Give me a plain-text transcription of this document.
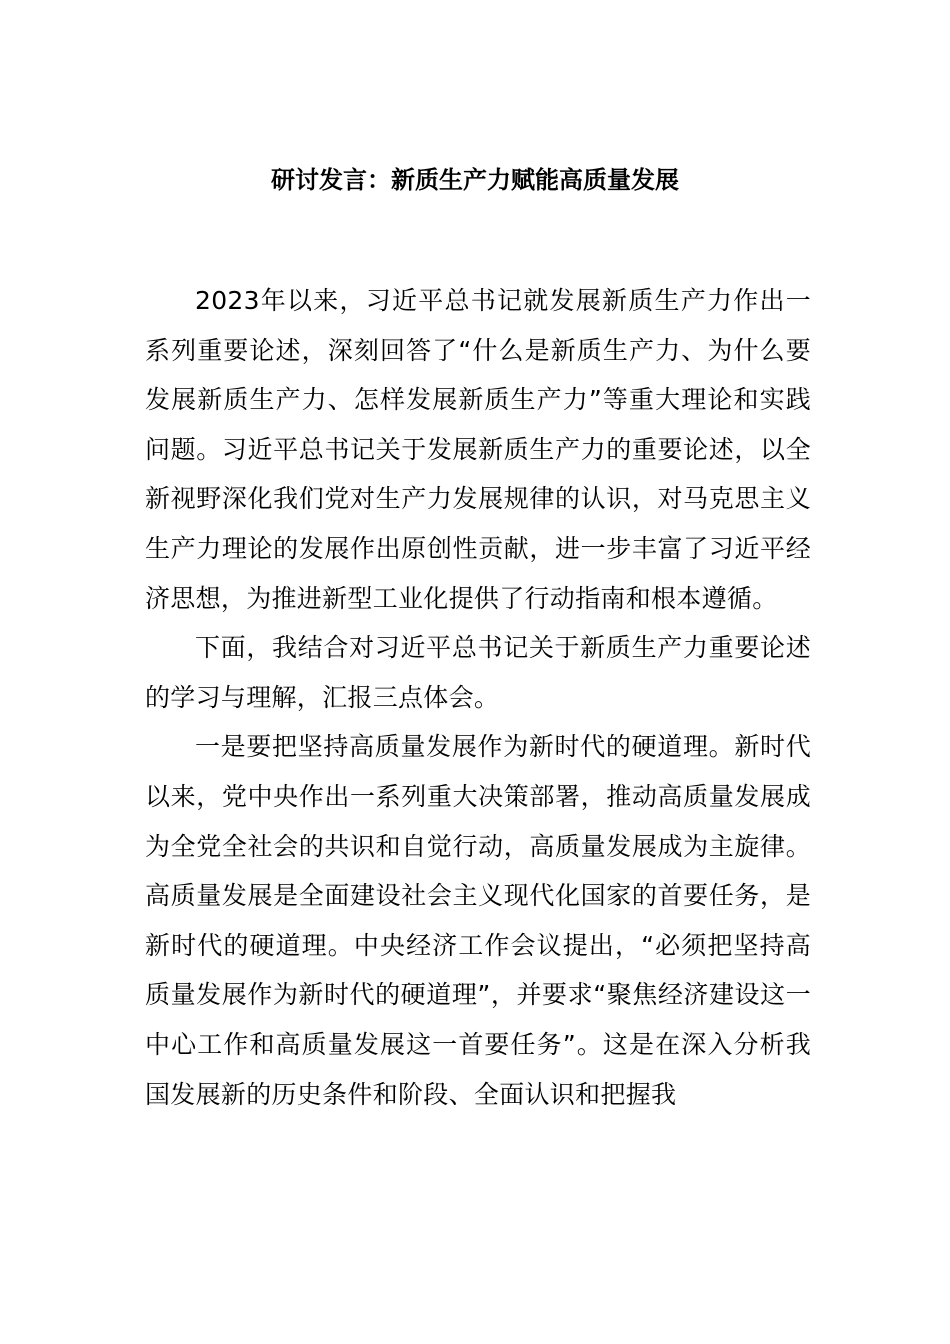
研讨发言：新质生产力赋能高质量发展

2023年以来，习近平总书记就发展新质生产力作出一系列重要论述，深刻回答了“什么是新质生产力、为什么要发展新质生产力、怎样发展新质生产力”等重大理论和实践问题。习近平总书记关于发展新质生产力的重要论述，以全新视野深化我们党对生产力发展规律的认识，对马克思主义生产力理论的发展作出原创性贡献，进一步丰富了习近平经济思想，为推进新型工业化提供了行动指南和根本遵循。

下面，我结合对习近平总书记关于新质生产力重要论述的学习与理解，汇报三点体会。

一是要把坚持高质量发展作为新时代的硬道理。新时代以来，党中央作出一系列重大决策部署，推动高质量发展成为全党全社会的共识和自觉行动，高质量发展成为主旋律。高质量发展是全面建设社会主义现代化国家的首要任务，是新时代的硬道理。中央经济工作会议提出，“必须把坚持高质量发展作为新时代的硬道理”，并要求“聚焦经济建设这一中心工作和高质量发展这一首要任务”。这是在深入分析我国发展新的历史条件和阶段、全面认识和把握我
